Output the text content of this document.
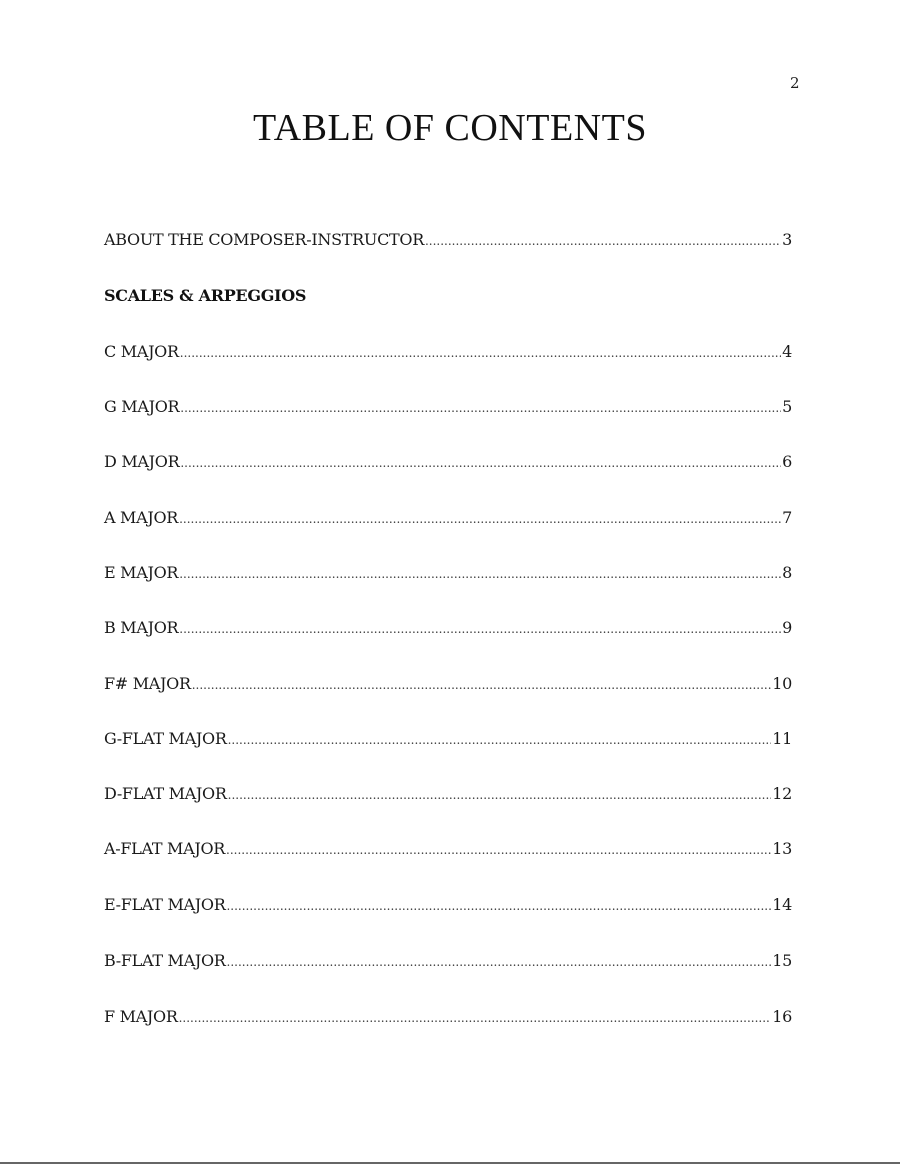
2
TABLE OF CONTENTS
ABOUT THE COMPOSER-INSTRUCTOR .....	3
SCALES & ARPEGGIOS
C MAJOR .....	4
G MAJOR .....	5
D MAJOR .....	6
A MAJOR .....	7
E MAJOR .....	8
B MAJOR .....	9
F# MAJOR .....	10
G-FLAT MAJOR .....	11
D-FLAT MAJOR .....	12
A-FLAT MAJOR .....	13
E-FLAT MAJOR .....	14
B-FLAT MAJOR .....	15
F MAJOR .....	16
